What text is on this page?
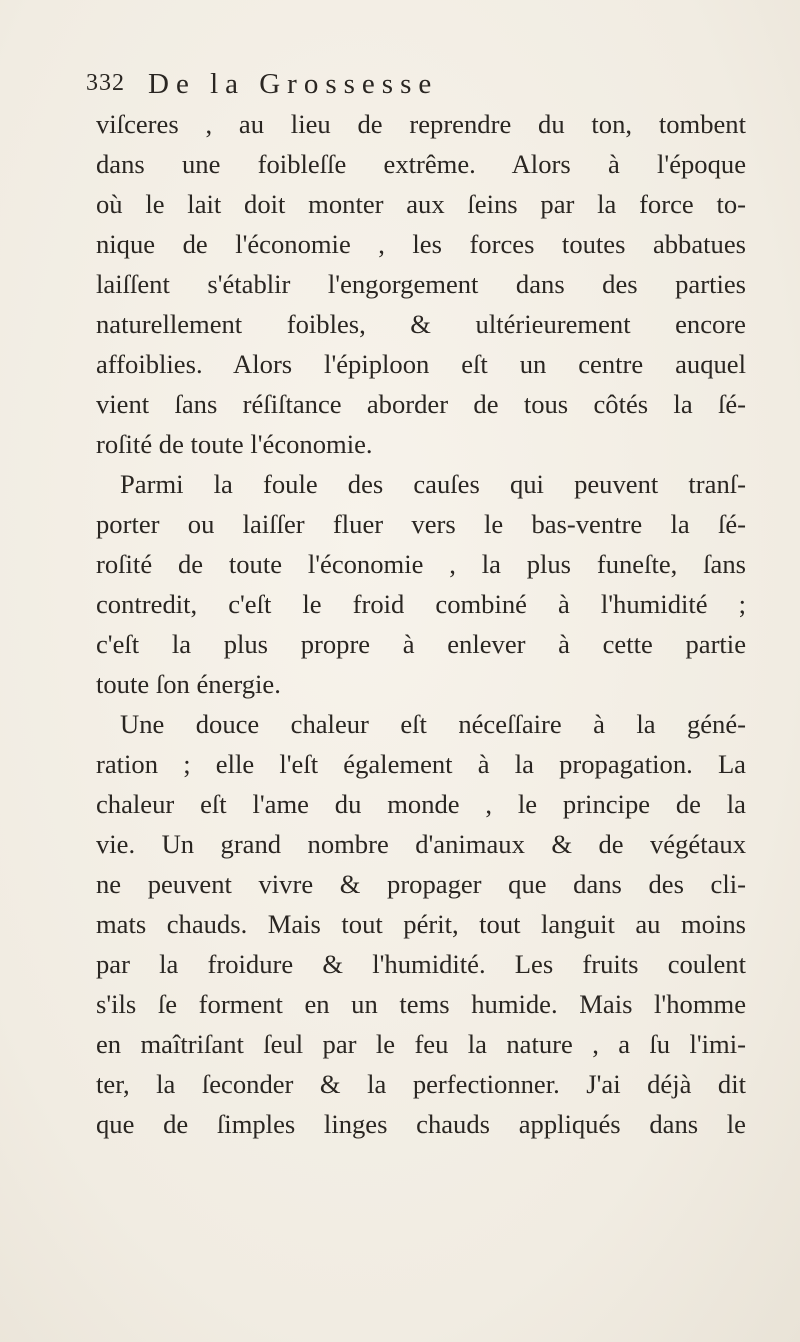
332 De la Grossesse
viſceres , au lieu de reprendre du ton, tombent
dans une foibleſſe extrême. Alors à l'époque
où le lait doit monter aux ſeins par la force to-
nique de l'économie , les forces toutes abbatues
laiſſent s'établir l'engorgement dans des parties
naturellement foibles, & ultérieurement encore
affoiblies. Alors l'épiploon eſt un centre auquel
vient ſans réſiſtance aborder de tous côtés la ſé-
roſité de toute l'économie.
Parmi la foule des cauſes qui peuvent tranſ-
porter ou laiſſer fluer vers le bas-ventre la ſé-
roſité de toute l'économie , la plus funeſte, ſans
contredit, c'eſt le froid combiné à l'humidité ;
c'eſt la plus propre à enlever à cette partie
toute ſon énergie.
Une douce chaleur eſt néceſſaire à la géné-
ration ; elle l'eſt également à la propagation. La
chaleur eſt l'ame du monde , le principe de la
vie. Un grand nombre d'animaux & de végétaux
ne peuvent vivre & propager que dans des cli-
mats chauds. Mais tout périt, tout languit au moins
par la froidure & l'humidité. Les fruits coulent
s'ils ſe forment en un tems humide. Mais l'homme
en maîtriſant ſeul par le feu la nature , a ſu l'imi-
ter, la ſeconder & la perfectionner. J'ai déjà dit
que de ſimples linges chauds appliqués dans le
